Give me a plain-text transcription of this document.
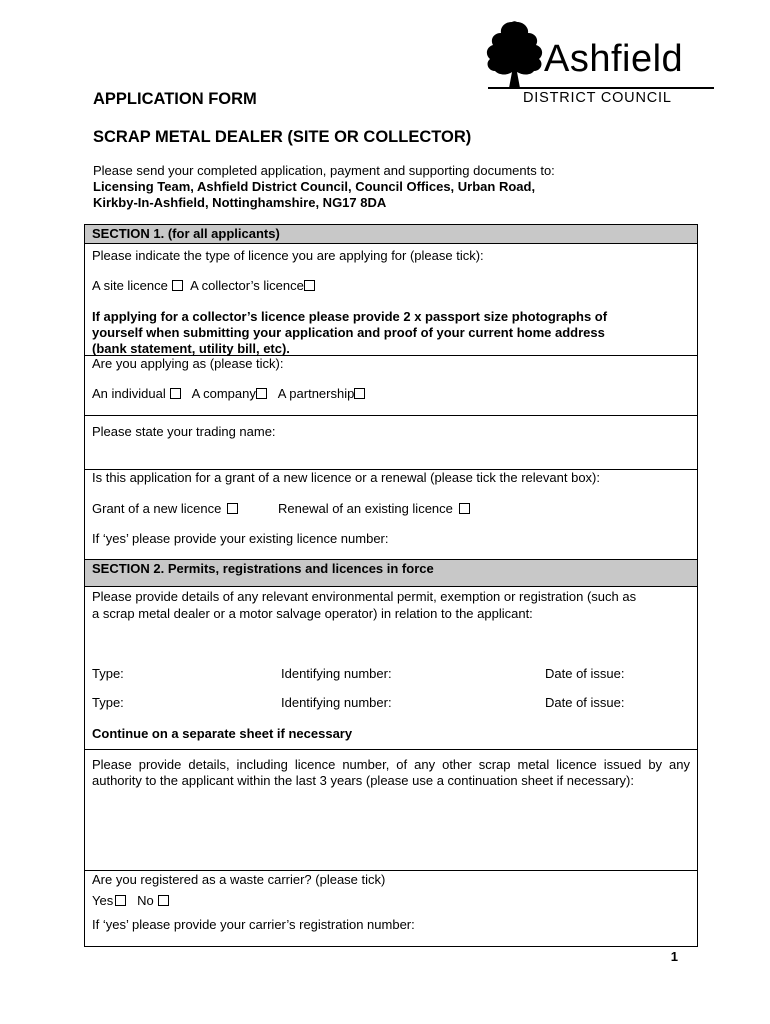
Ashfield
DISTRICT COUNCIL
APPLICATION FORM
SCRAP METAL DEALER (SITE OR COLLECTOR)
Please send your completed application, payment and supporting documents to:
Licensing Team, Ashfield District Council, Council Offices, Urban Road,
Kirkby-In-Ashfield, Nottinghamshire, NG17 8DA
SECTION 1. (for all applicants)
Please indicate the type of licence you are applying for (please tick):
A site licence A collector’s licence
If applying for a collector’s licence please provide 2 x passport size photographs of
yourself when submitting your application and proof of your current home address
(bank statement, utility bill, etc).
Are you applying as (please tick):
An individual A company A partnership
Please state your trading name:
Is this application for a grant of a new licence or a renewal (please tick the relevant box):
Grant of a new licence	Renewal of an existing licence
If ‘yes’ please provide your existing licence number:
SECTION 2. Permits, registrations and licences in force
Please provide details of any relevant environmental permit, exemption or registration (such as
a scrap metal dealer or a motor salvage operator) in relation to the applicant:
Type:	Identifying number:	Date of issue:
Type:	Identifying number:	Date of issue:
Continue on a separate sheet if necessary
Please provide details, including licence number, of any other scrap metal licence issued by any authority to the applicant within the last 3 years (please use a continuation sheet if necessary):
Are you registered as a waste carrier? (please tick)
Yes No
If ‘yes’ please provide your carrier’s registration number:
1
